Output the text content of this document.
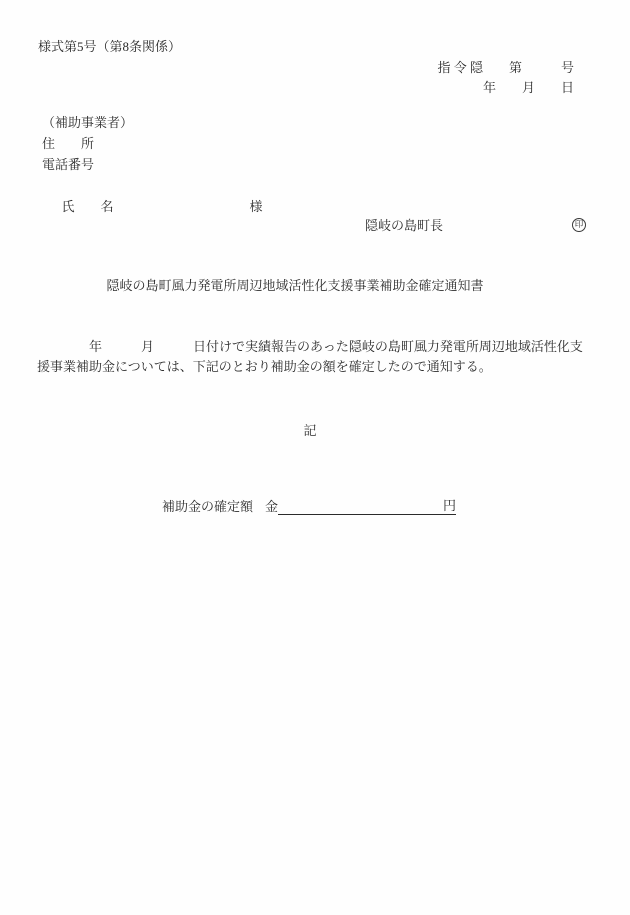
様式第5号（第8条関係）
指 令 隠　　第　　　号
年　　月　　日
（補助事業者）
住　　所
電話番号

氏　　名	様

隠岐の島町長	印
隠岐の島町風力発電所周辺地域活性化支援事業補助金確定通知書
　　　　年　　　月　　　日付けで実績報告のあった隠岐の島町風力発電所周辺地域活性化支
援事業補助金については、下記のとおり補助金の額を確定したので通知する。
記

補助金の確定額 金	円
